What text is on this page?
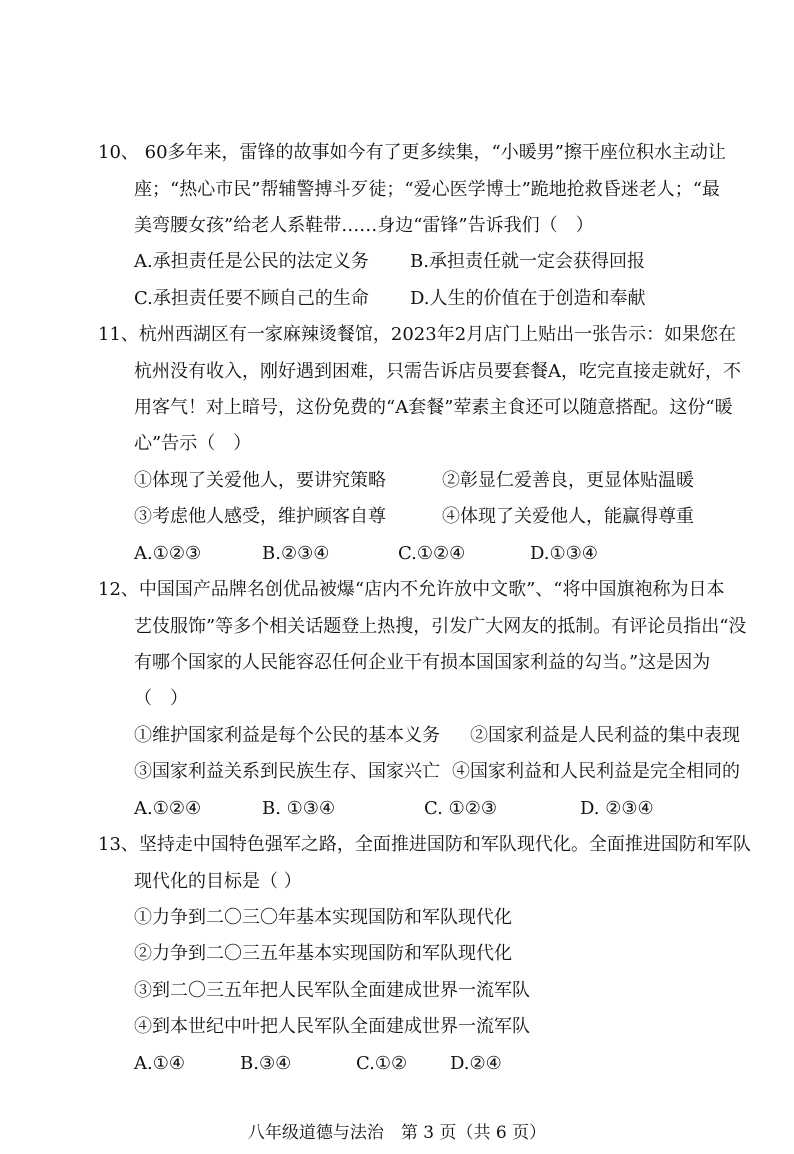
10、 60多年来，雷锋的故事如今有了更多续集，“小暖男”擦干座位积水主动让
座；“热心市民”帮辅警搏斗歹徒；“爱心医学博士”跪地抢救昏迷老人；“最
美弯腰女孩”给老人系鞋带……身边“雷锋”告诉我们（　）
A.承担责任是公民的法定义务 B.承担责任就一定会获得回报
C.承担责任要不顾自己的生命 D.人生的价值在于创造和奉献
11、杭州西湖区有一家麻辣烫餐馆，2023年2月店门上贴出一张告示：如果您在
杭州没有收入，刚好遇到困难，只需告诉店员要套餐A，吃完直接走就好，不
用客气！对上暗号，这份免费的“A套餐”荤素主食还可以随意搭配。这份“暖
心”告示（　）
①体现了关爱他人，要讲究策略	②彰显仁爱善良，更显体贴温暖
③考虑他人感受，维护顾客自尊	④体现了关爱他人，能赢得尊重
A.①②③	B.②③④	C.①②④	D.①③④
12、中国国产品牌名创优品被爆“店内不允许放中文歌”、“将中国旗袍称为日本
艺伎服饰”等多个相关话题登上热搜，引发广大网友的抵制。有评论员指出“没
有哪个国家的人民能容忍任何企业干有损本国国家利益的勾当。”这是因为
（　）
①维护国家利益是每个公民的基本义务 ②国家利益是人民利益的集中表现
③国家利益关系到民族生存、国家兴亡 ④国家利益和人民利益是完全相同的
A.①②④	B. ①③④	C. ①②③	D. ②③④
13、坚持走中国特色强军之路，全面推进国防和军队现代化。全面推进国防和军队
现代化的目标是（ ）
①力争到二〇三〇年基本实现国防和军队现代化
②力争到二〇三五年基本实现国防和军队现代化
③到二〇三五年把人民军队全面建成世界一流军队
④到本世纪中叶把人民军队全面建成世界一流军队
A.①④	B.③④	C.①② D.②④
八年级道德与法治　第 3 页（共 6 页）
